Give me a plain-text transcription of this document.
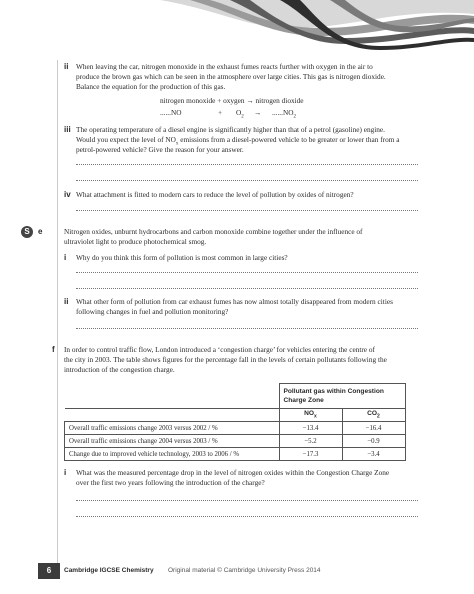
ii When leaving the car, nitrogen monoxide in the exhaust fumes reacts further with oxygen in the air to
produce the brown gas which can be seen in the atmosphere over large cities. This gas is nitrogen dioxide.
Balance the equation for the production of this gas.
nitrogen monoxide + oxygen → nitrogen dioxide
......NO	+ $O_2 \to ......NO_2$
iii The operating temperature of a diesel engine is significantly higher than that of a petrol (gasoline) engine.
Would you expect the level of $NO_x$ emissions from a diesel-powered vehicle to be greater or lower than from a
petrol-powered vehicle? Give the reason for your answer.
iv What attachment is fitted to modern cars to reduce the level of pollution by oxides of nitrogen?
S	e	Nitrogen oxides, unburnt hydrocarbons and carbon monoxide combine together under the influence of
ultraviolet light to produce photochemical smog.
i Why do you think this form of pollution is most common in large cities?
ii What other form of pollution from car exhaust fumes has now almost totally disappeared from modern cities
following changes in fuel and pollution monitoring?
f In order to control traffic flow, London introduced a ‘congestion charge’ for vehicles entering the centre of
the city in 2003. The table shows figures for the percentage fall in the levels of certain pollutants following the
introduction of the congestion charge.
	Pollutant gas within Congestion Charge Zone	
	$NO_x$	$CO_2$
Overall traffic emissions change 2003 versus 2002 / %	−13.4	−16.4
Overall traffic emissions change 2004 versus 2003 / %	−5.2	−0.9
Change due to improved vehicle technology, 2003 to 2006 / %	−17.3	−3.4
i What was the measured percentage drop in the level of nitrogen oxides within the Congestion Charge Zone
over the first two years following the introduction of the charge?
6	Cambridge IGCSE Chemistry Original material © Cambridge University Press 2014
